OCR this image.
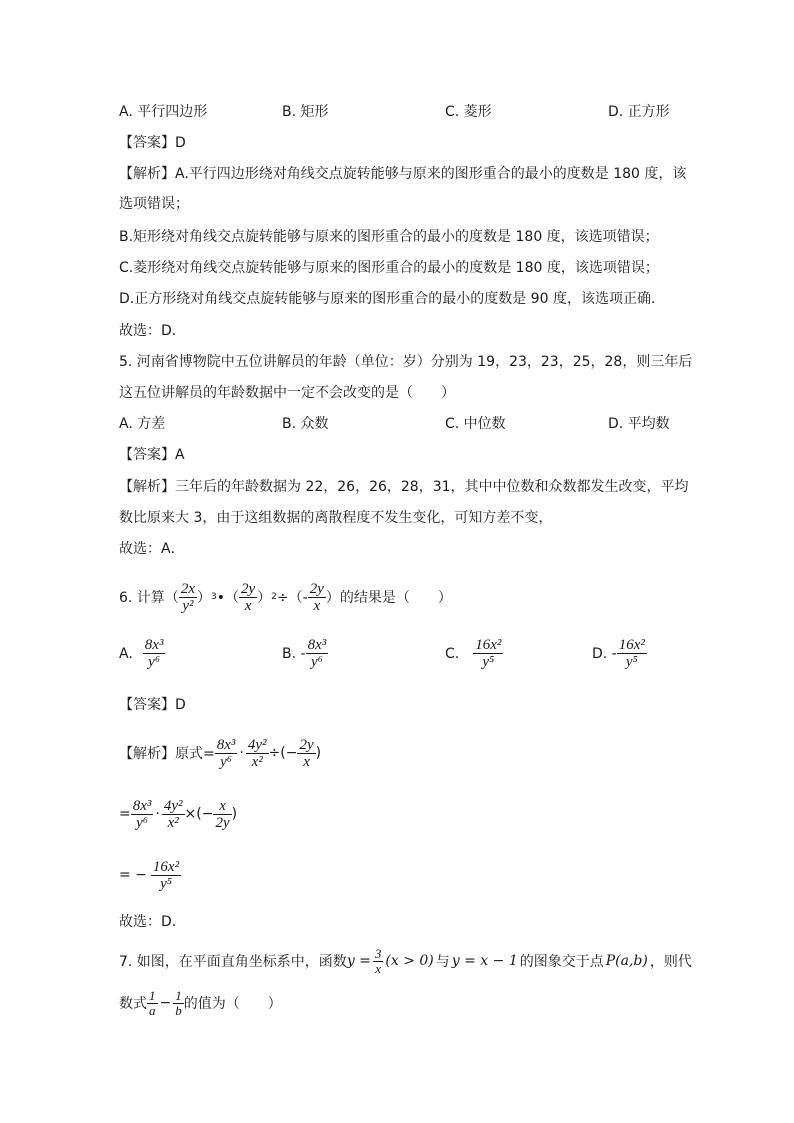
A. 平行四边形	B. 矩形	C. 菱形	D. 正方形
【答案】D
【解析】A.平行四边形绕对角线交点旋转能够与原来的图形重合的最小的度数是 180 度，该
选项错误；
B.矩形绕对角线交点旋转能够与原来的图形重合的最小的度数是 180 度，该选项错误；
C.菱形绕对角线交点旋转能够与原来的图形重合的最小的度数是 180 度，该选项错误；
D.正方形绕对角线交点旋转能够与原来的图形重合的最小的度数是 90 度，该选项正确．
故选：D．
5. 河南省博物院中五位讲解员的年龄（单位：岁）分别为 19，23，23，25，28，则三年后
这五位讲解员的年龄数据中一定不会改变的是（　　）
A. 方差	B. 众数	C. 中位数	D. 平均数
【答案】A
【解析】三年后的年龄数据为 22，26，26，28，31，其中中位数和众数都发生改变，平均
数比原来大 3，由于这组数据的离散程度不发生变化，可知方差不变，
故选：A．
6. 计算（ $\frac{2x}{\text{y²}}$ ） 3 •（ $\frac{2y}{x}$ ） 2 ÷（- $\frac{2y}{x}$ ）的结果是（　　）
A. $\frac{\text{8x³}}{\text{y⁶}}$	B. - $\frac{\text{8x³}}{\text{y⁶}}$	C. $\frac{\text{16x²}}{\text{y⁵}}$	D. - $\frac{\text{16x²}}{\text{y⁵}}$
【答案】D
【解析】原式= $\frac{\text{8x³}}{\text{y⁶}} \cdot \frac{\text{4y²}}{\text{x²}}$ ÷(− $\frac{2y}{x}$ )
= $\frac{\text{8x³}}{\text{y⁶}} \cdot \frac{\text{4y²}}{\text{x²}}$ ×(− $\frac{x}{2y}$ )
= − $\frac{\text{16x²}}{\text{y⁵}}$
故选：D．
7. 如图，在平面直角坐标系中，函数 $y = \frac{3}{x} (x > 0)$ 与 y = x − 1 的图象交于点 P(a,b) ，则代
数式 $\frac{1}{a} - \frac{1}{b}$ 的值为（　　）
